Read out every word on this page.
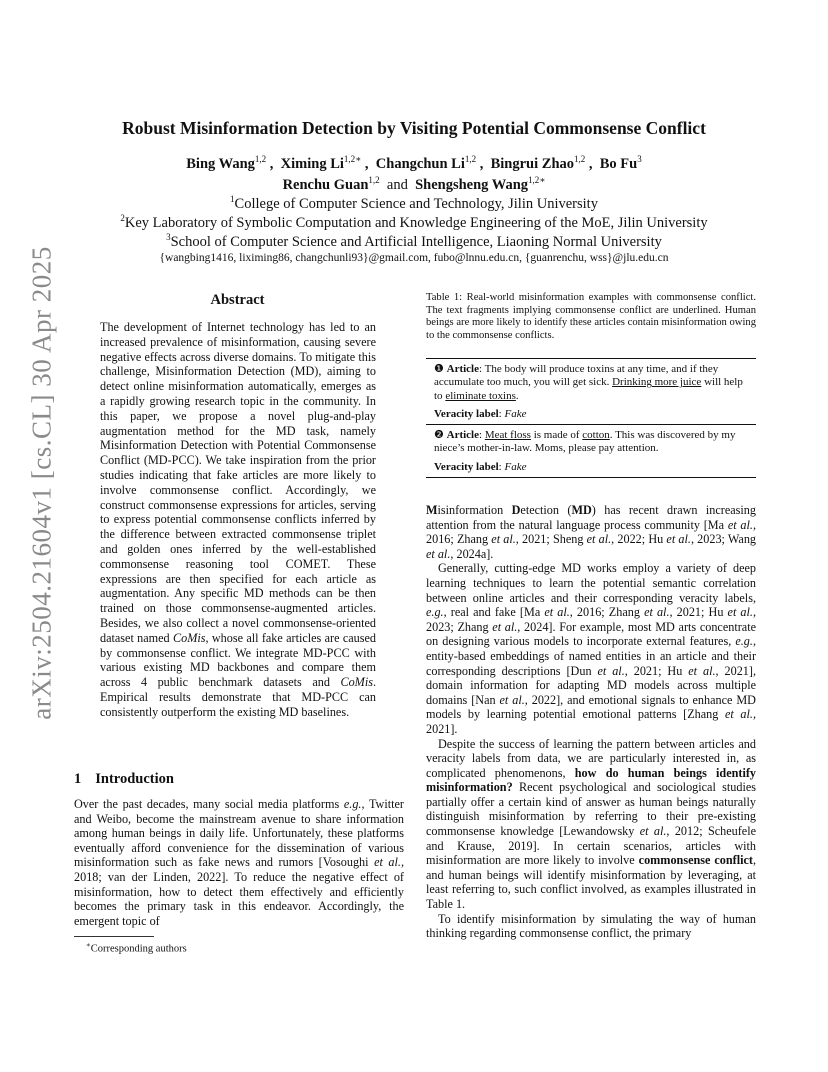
Robust Misinformation Detection by Visiting Potential Commonsense Conflict
Bing Wang$^{1,2}$ ,  Ximing $Li^{1,2∗}$ ,  Changchun Li$^{1,2}$ ,  Bingrui Zhao$^{1,2}$ ,  Bo Fu$^3$
Renchu Guan$^{1,2}$ and Shengsheng Wang$^{1,2∗}$
$^1$College of Computer Science and Technology, Jilin University
$^2$Key Laboratory of Symbolic Computation and Knowledge Engineering of the MoE, Jilin University
$^3$School of Computer Science and Artificial Intelligence, Liaoning Normal University
{wangbing1416, liximing86, changchunli93}@gmail.com, fubo@lnnu.edu.cn, {guanrenchu, wss}@jlu.edu.cn
arXiv:2504.21604v1 [cs.CL] 30 Apr 2025	Abstract

The development of Internet technology has led to an increased prevalence of misinformation, causing severe negative effects across diverse domains. To mitigate this challenge, Misinformation Detection (MD), aiming to detect online misinformation automatically, emerges as a rapidly growing research topic in the community. In this paper, we propose a novel plug-and-play augmentation method for the MD task, namely Misinformation Detection with Potential Commonsense Conflict (MD-PCC). We take inspiration from the prior studies indicating that fake articles are more likely to involve commonsense conflict. Accordingly, we construct commonsense expressions for articles, serving to express potential commonsense conflicts inferred by the difference between extracted commonsense triplet and golden ones inferred by the well-established commonsense reasoning tool COMET. These expressions are then specified for each article as augmentation. Any specific MD methods can be then trained on those commonsense-augmented articles. Besides, we also collect a novel commonsense-oriented dataset named CoMis, whose all fake articles are caused by commonsense conflict. We integrate MD-PCC with various existing MD backbones and compare them across 4 public benchmark datasets and CoMis. Empirical results demonstrate that MD-PCC can consistently outperform the existing MD baselines.

1 Introduction

Over the past decades, many social media platforms e.g., Twitter and Weibo, become the mainstream avenue to share information among human beings in daily life. Unfortunately, these platforms eventually afford convenience for the dissemination of various misinformation such as fake news and rumors [Vosoughi et al., 2018; van der Linden, 2022]. To reduce the negative effect of misinformation, how to detect them effectively and efficiently becomes the primary task in this endeavor. Accordingly, the emergent topic of

∗Corresponding authors

Table 1: Real-world misinformation examples with commonsense conflict. The text fragments implying commonsense conflict are underlined. Human beings are more likely to identify these articles contain misinformation owing to the commonsense conflicts.

❶ Article: The body will produce toxins at any time, and if they accumulate too much, you will get sick. Drinking more juice will help to eliminate toxins.

Veracity label: Fake

❷ Article: Meat floss is made of cotton. This was discovered by my niece’s mother-in-law. Moms, please pay attention.

Veracity label: Fake

Misinformation Detection (MD) has recent drawn increasing attention from the natural language process community [Ma et al., 2016; Zhang et al., 2021; Sheng et al., 2022; Hu et al., 2023; Wang et al., 2024a].

Generally, cutting-edge MD works employ a variety of deep learning techniques to learn the potential semantic correlation between online articles and their corresponding veracity labels, e.g., real and fake [Ma et al., 2016; Zhang et al., 2021; Hu et al., 2023; Zhang et al., 2024]. For example, most MD arts concentrate on designing various models to incorporate external features, e.g., entity-based embeddings of named entities in an article and their corresponding descriptions [Dun et al., 2021; Hu et al., 2021], domain information for adapting MD models across multiple domains [Nan et al., 2022], and emotional signals to enhance MD models by learning potential emotional patterns [Zhang et al., 2021].

Despite the success of learning the pattern between articles and veracity labels from data, we are particularly interested in, as complicated phenomenons, how do human beings identify misinformation? Recent psychological and sociological studies partially offer a certain kind of answer as human beings naturally distinguish misinformation by referring to their pre-existing commonsense knowledge [Lewandowsky et al., 2012; Scheufele and Krause, 2019]. In certain scenarios, articles with misinformation are more likely to involve commonsense conflict, and human beings will identify misinformation by leveraging, at least referring to, such conflict involved, as examples illustrated in Table 1.

To identify misinformation by simulating the way of human thinking regarding commonsense conflict, the primary
